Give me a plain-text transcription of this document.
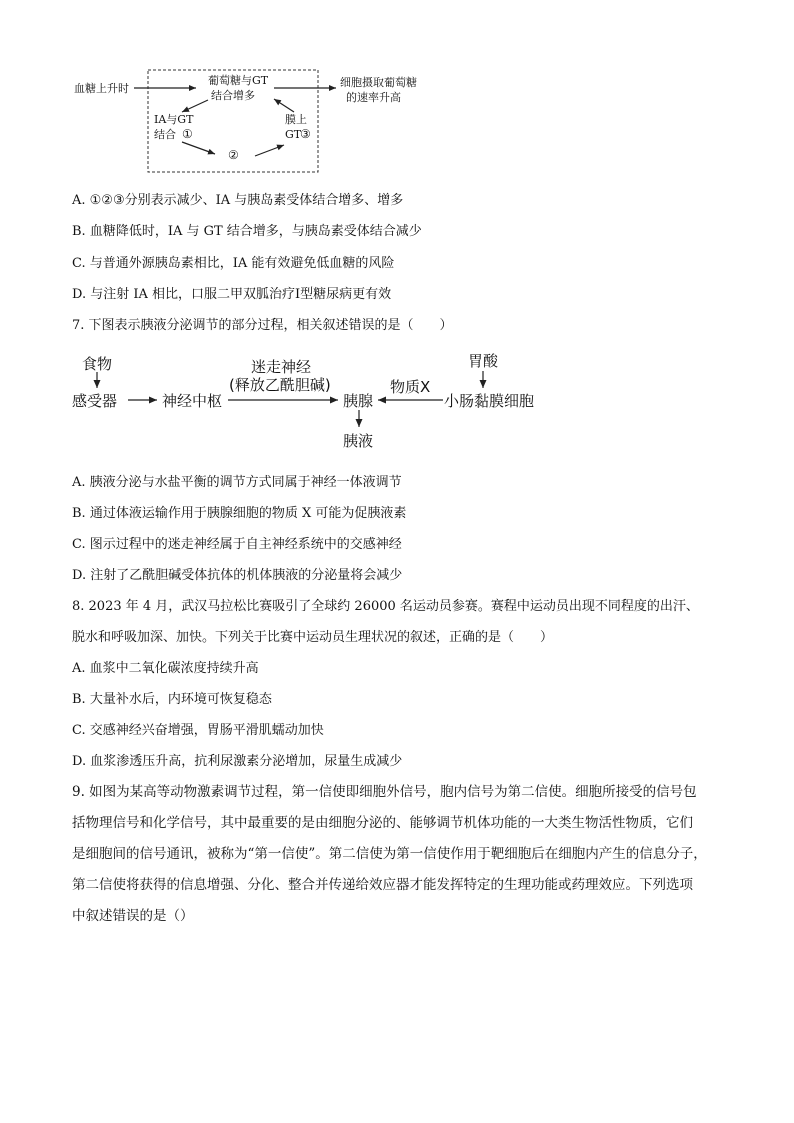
血糖上升时
葡萄糖与GT
结合增多
IA与GT
结合 ①
②
膜上
GT
③
细胞摄取葡萄糖
的速率升高
A. ①②③分别表示减少、IA 与胰岛素受体结合增多、增多
B. 血糖降低时，IA 与 GT 结合增多，与胰岛素受体结合减少
C. 与普通外源胰岛素相比，IA 能有效避免低血糖的风险
D. 与注射 IA 相比，口服二甲双胍治疗Ⅰ型糖尿病更有效
7. 下图表示胰液分泌调节的部分过程，相关叙述错误的是（　　）
食物
感受器	神经中枢
迷走神经
(释放乙酰胆碱)
胰腺
物质X
胃酸
小肠黏膜细胞
胰液
A. 胰液分泌与水盐平衡的调节方式同属于神经一体液调节
B. 通过体液运输作用于胰腺细胞的物质 X 可能为促胰液素
C. 图示过程中的迷走神经属于自主神经系统中的交感神经
D. 注射了乙酰胆碱受体抗体的机体胰液的分泌量将会减少
8. 2023 年 4 月，武汉马拉松比赛吸引了全球约 26000 名运动员参赛。赛程中运动员出现不同程度的出汗、
脱水和呼吸加深、加快。下列关于比赛中运动员生理状况的叙述，正确的是（　　）
A. 血浆中二氧化碳浓度持续升高
B. 大量补水后，内环境可恢复稳态
C. 交感神经兴奋增强，胃肠平滑肌蠕动加快
D. 血浆渗透压升高，抗利尿激素分泌增加，尿量生成减少
9. 如图为某高等动物激素调节过程，第一信使即细胞外信号，胞内信号为第二信使。细胞所接受的信号包
括物理信号和化学信号，其中最重要的是由细胞分泌的、能够调节机体功能的一大类生物活性物质，它们
是细胞间的信号通讯，被称为“第一信使”。第二信使为第一信使作用于靶细胞后在细胞内产生的信息分子，
第二信使将获得的信息增强、分化、整合并传递给效应器才能发挥特定的生理功能或药理效应。下列选项
中叙述错误的是（）
